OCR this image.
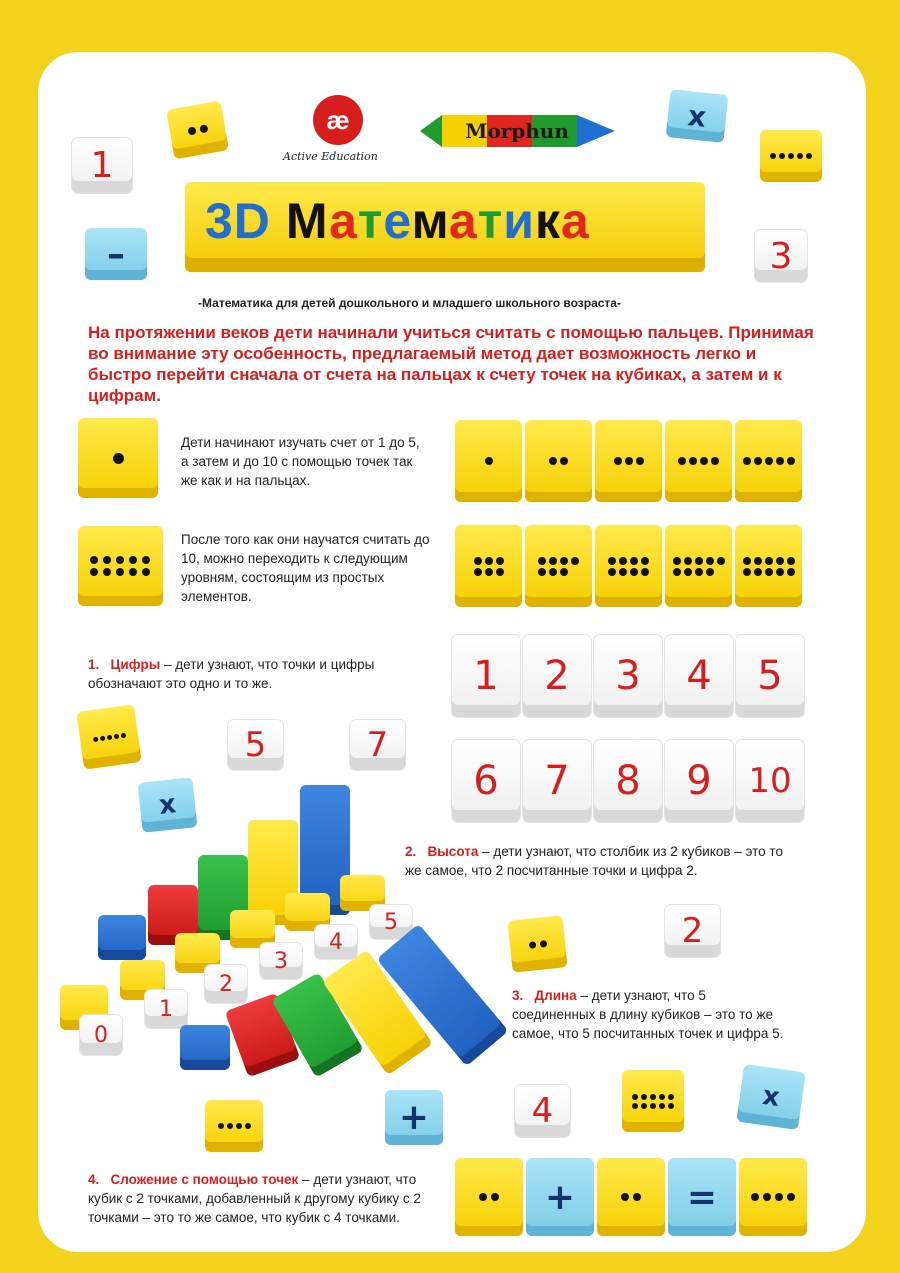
æ
Active Education
Morphun
3D Математика
1
–
x
3
-Математика для детей дошкольного и младшего школьного возраста-
На протяжении веков дети начинали учиться считать с помощью пальцев. Принимая во внимание эту особенность, предлагаемый метод дает возможность легко и быстро перейти сначала от счета на пальцах к счету точек на кубиках, а затем и к цифрам.
Дети начинают изучать счет от 1 до 5, а затем и до 10 с помощью точек так же как и на пальцах.
После того как они научатся считать до 10, можно переходить к следующим уровням, состоящим из простых элементов.
1. Цифры – дети узнают, что точки и цифры обозначают это одно и то же.	1 2 3 4 5
6 7 8 9 10
5	7
x
0
1
2
3
4
5
2. Высота – дети узнают, что столбик из 2 кубиков – это то же самое, что 2 посчитанные точки и цифра 2.
2
3. Длина – дети узнают, что 5 соединенных в длину кубиков – это то же самое, что 5 посчитанных точек и цифра 5.
+	4	x
4. Сложение с помощью точек – дети узнают, что кубик с 2 точками, добавленный к другому кубику с 2 точками – это то же самое, что кубик с 4 точками.	+	=
